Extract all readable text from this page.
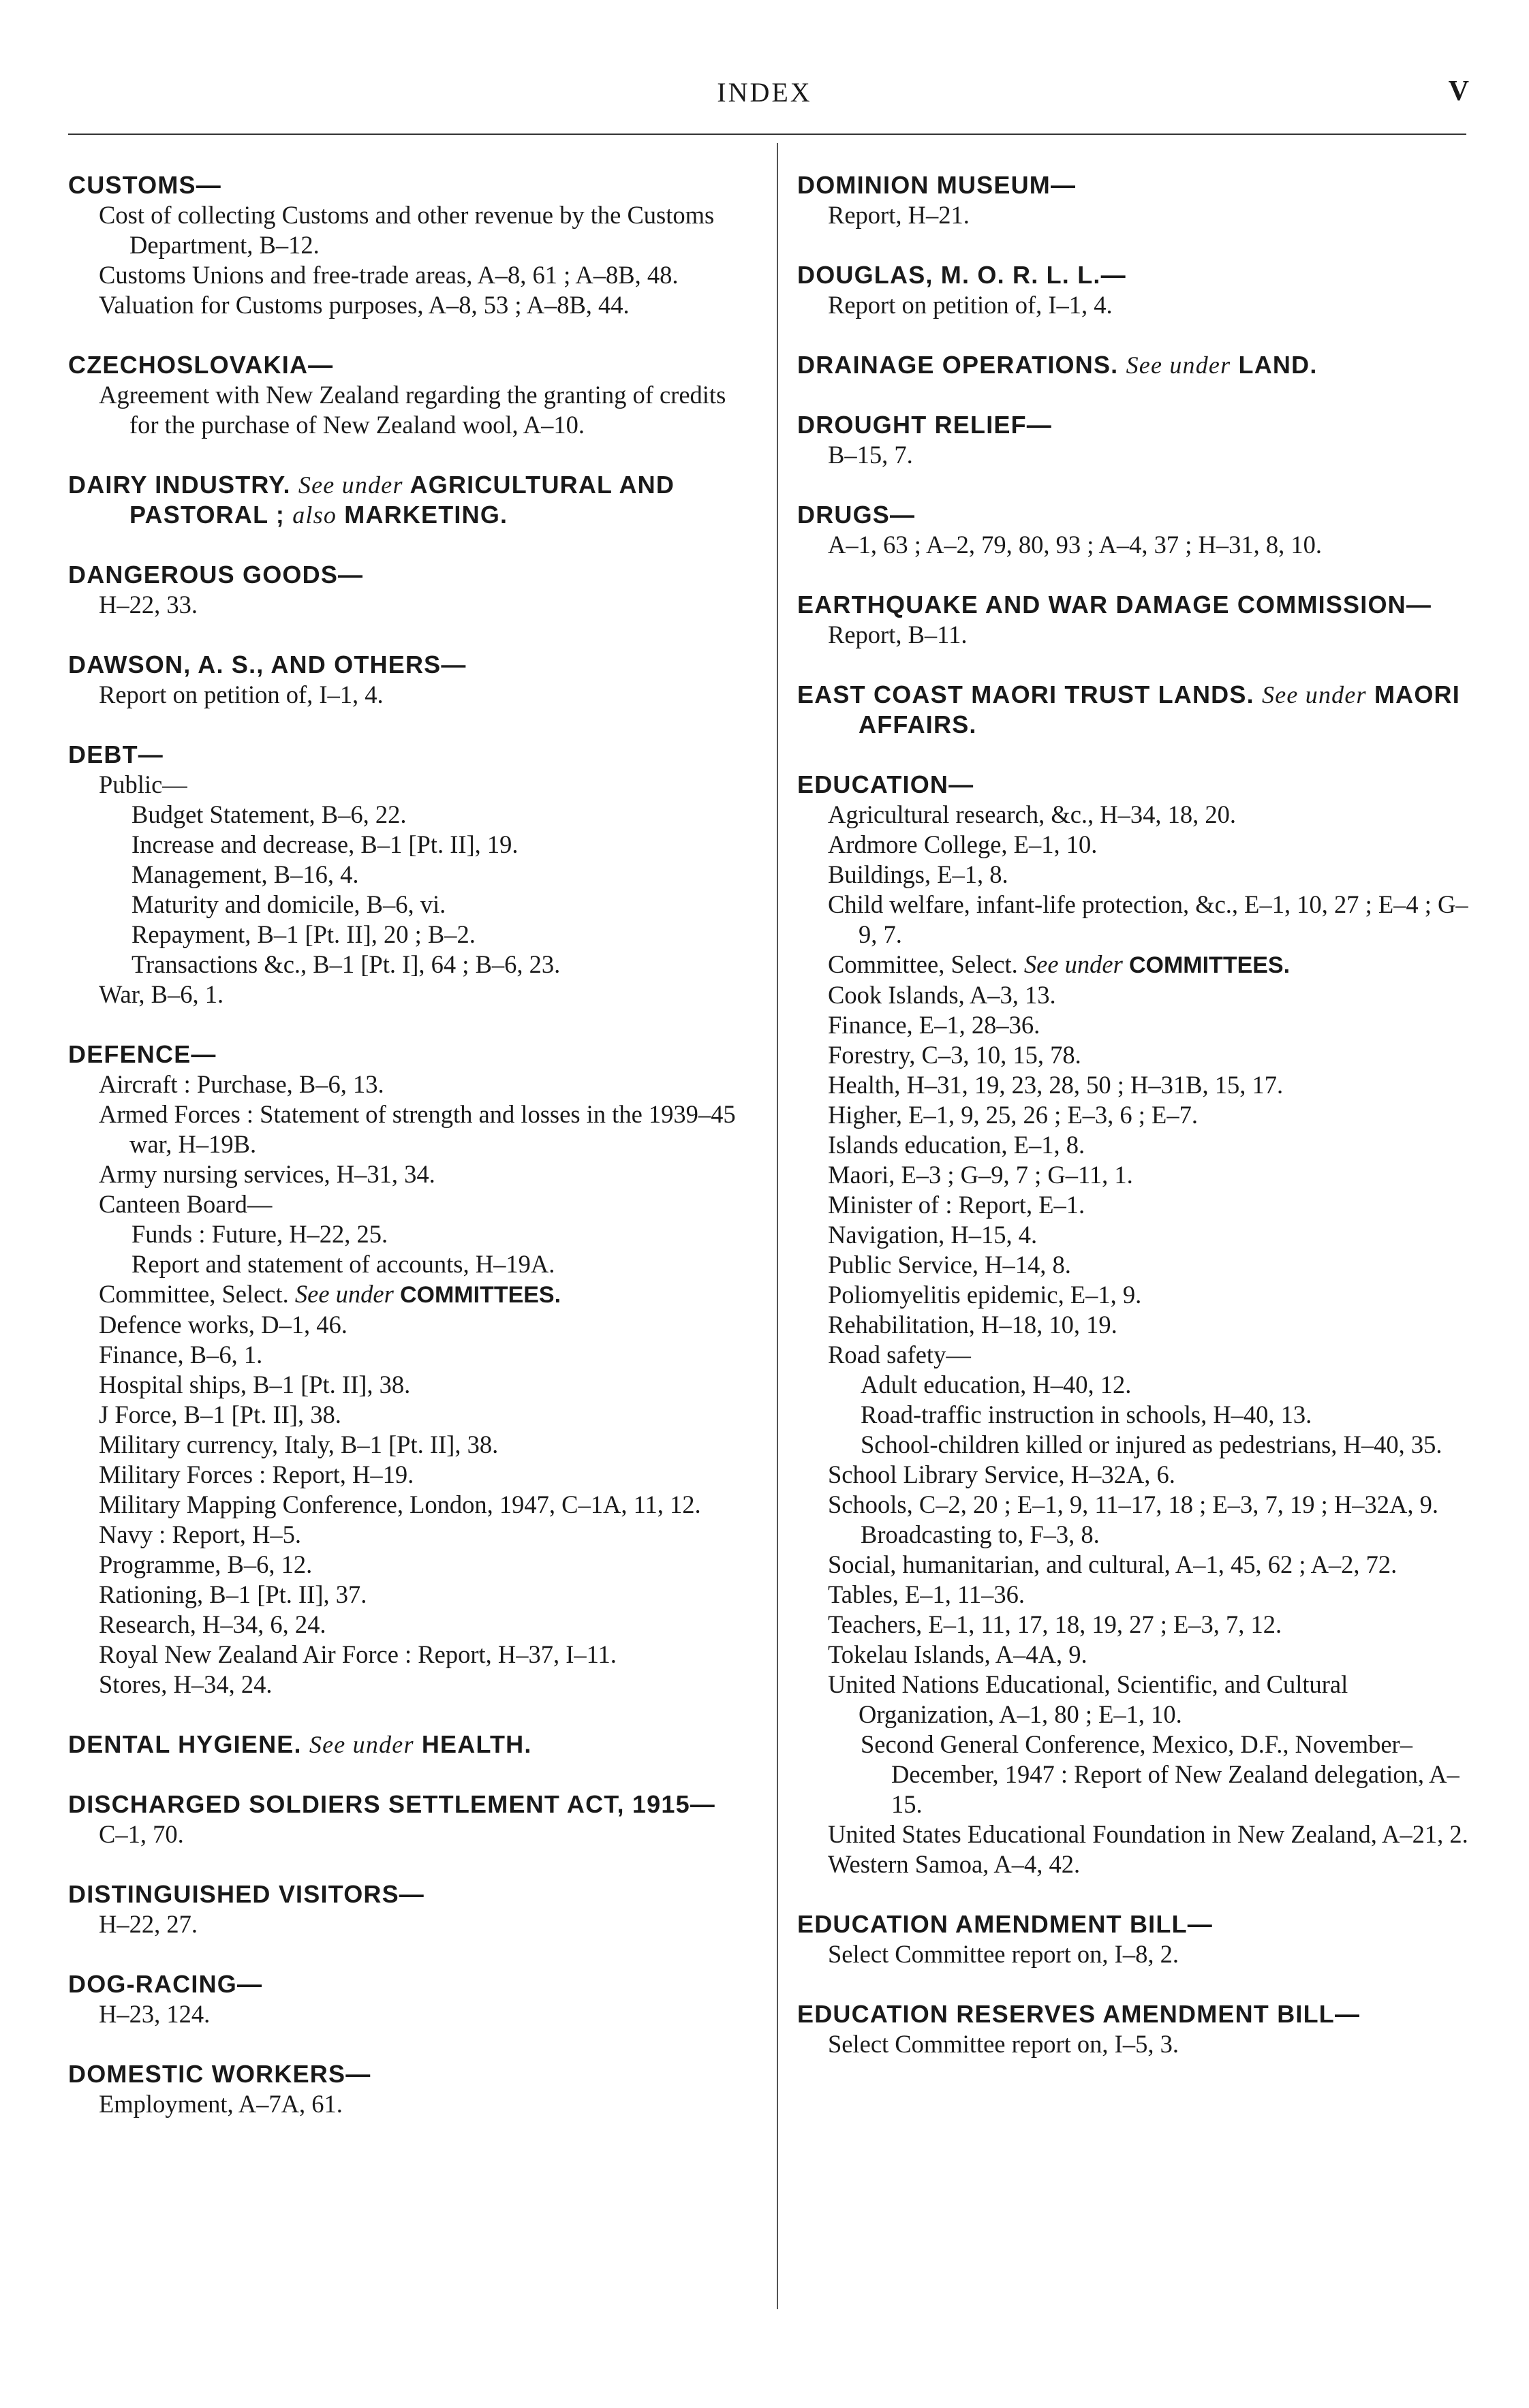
INDEX	V
CUSTOMS—
Cost of collecting Customs and other revenue by the Customs Department, B–12.
Customs Unions and free-trade areas, A–8, 61 ; A–8B, 48.
Valuation for Customs purposes, A–8, 53 ; A–8B, 44.
CZECHOSLOVAKIA—
Agreement with New Zealand regarding the granting of credits for the purchase of New Zealand wool, A–10.
DAIRY INDUSTRY. See under AGRICULTURAL AND PASTORAL ; also MARKETING.
DANGEROUS GOODS—
H–22, 33.
DAWSON, A. S., AND OTHERS—
Report on petition of, I–1, 4.
DEBT—
Public—
Budget Statement, B–6, 22.
Increase and decrease, B–1 [Pt. II], 19.
Management, B–16, 4.
Maturity and domicile, B–6, vi.
Repayment, B–1 [Pt. II], 20 ; B–2.
Transactions &c., B–1 [Pt. I], 64 ; B–6, 23.
War, B–6, 1.
DEFENCE—
Aircraft : Purchase, B–6, 13.
Armed Forces : Statement of strength and losses in the 1939–45 war, H–19B.
Army nursing services, H–31, 34.
Canteen Board—
Funds : Future, H–22, 25.
Report and statement of accounts, H–19A.
Committee, Select. See under COMMITTEES.
Defence works, D–1, 46.
Finance, B–6, 1.
Hospital ships, B–1 [Pt. II], 38.
J Force, B–1 [Pt. II], 38.
Military currency, Italy, B–1 [Pt. II], 38.
Military Forces : Report, H–19.
Military Mapping Conference, London, 1947, C–1A, 11, 12.
Navy : Report, H–5.
Programme, B–6, 12.
Rationing, B–1 [Pt. II], 37.
Research, H–34, 6, 24.
Royal New Zealand Air Force : Report, H–37, I–11.
Stores, H–34, 24.
DENTAL HYGIENE. See under HEALTH.
DISCHARGED SOLDIERS SETTLEMENT ACT, 1915—
C–1, 70.
DISTINGUISHED VISITORS—
H–22, 27.
DOG-RACING—
H–23, 124.
DOMESTIC WORKERS—
Employment, A–7A, 61.
DOMINION MUSEUM—
Report, H–21.
DOUGLAS, M. O. R. L. L.—
Report on petition of, I–1, 4.
DRAINAGE OPERATIONS. See under LAND.
DROUGHT RELIEF—
B–15, 7.
DRUGS—
A–1, 63 ; A–2, 79, 80, 93 ; A–4, 37 ; H–31, 8, 10.
EARTHQUAKE AND WAR DAMAGE COMMISSION—
Report, B–11.
EAST COAST MAORI TRUST LANDS. See under MAORI AFFAIRS.
EDUCATION—
Agricultural research, &c., H–34, 18, 20.
Ardmore College, E–1, 10.
Buildings, E–1, 8.
Child welfare, infant-life protection, &c., E–1, 10, 27 ; E–4 ; G–9, 7.
Committee, Select. See under COMMITTEES.
Cook Islands, A–3, 13.
Finance, E–1, 28–36.
Forestry, C–3, 10, 15, 78.
Health, H–31, 19, 23, 28, 50 ; H–31B, 15, 17.
Higher, E–1, 9, 25, 26 ; E–3, 6 ; E–7.
Islands education, E–1, 8.
Maori, E–3 ; G–9, 7 ; G–11, 1.
Minister of : Report, E–1.
Navigation, H–15, 4.
Public Service, H–14, 8.
Poliomyelitis epidemic, E–1, 9.
Rehabilitation, H–18, 10, 19.
Road safety—
Adult education, H–40, 12.
Road-traffic instruction in schools, H–40, 13.
School-children killed or injured as pedestrians, H–40, 35.
School Library Service, H–32A, 6.
Schools, C–2, 20 ; E–1, 9, 11–17, 18 ; E–3, 7, 19 ; H–32A, 9.
Broadcasting to, F–3, 8.
Social, humanitarian, and cultural, A–1, 45, 62 ; A–2, 72.
Tables, E–1, 11–36.
Teachers, E–1, 11, 17, 18, 19, 27 ; E–3, 7, 12.
Tokelau Islands, A–4A, 9.
United Nations Educational, Scientific, and Cultural Organization, A–1, 80 ; E–1, 10.
Second General Conference, Mexico, D.F., November–December, 1947 : Report of New Zealand delegation, A–15.
United States Educational Foundation in New Zealand, A–21, 2.
Western Samoa, A–4, 42.
EDUCATION AMENDMENT BILL—
Select Committee report on, I–8, 2.
EDUCATION RESERVES AMENDMENT BILL—
Select Committee report on, I–5, 3.
